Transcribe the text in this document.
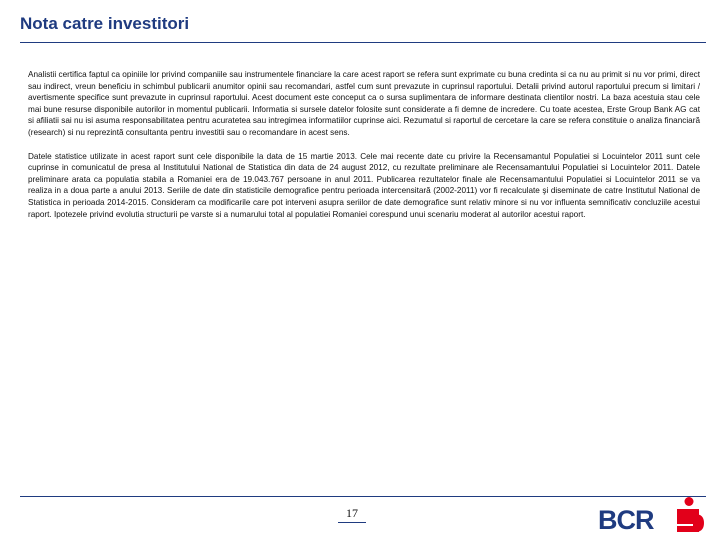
Nota catre investitori

Analistii certifica faptul ca opiniile lor privind companiile sau instrumentele financiare la care acest raport se refera sunt exprimate cu buna credinta si ca nu au primit si nu vor primi, direct sau indirect, vreun beneficiu in schimbul publicarii anumitor opinii sau recomandari, astfel cum sunt prevazute in cuprinsul raportului. Detalii privind autorul raportului precum si limitari / avertismente specifice sunt prevazute in cuprinsul raportului. Acest document este conceput ca o sursa suplimentara de informare destinata clientilor nostri. La baza acestuia stau cele mai bune resurse disponibile autorilor in momentul publicarii. Informatia si sursele datelor folosite sunt considerate a fi demne de incredere. Cu toate acestea, Erste Group Bank AG cat si afiliatii sai nu isi asuma responsabilitatea pentru acuratetea sau intregimea informatiilor cuprinse aici. Rezumatul si raportul de cercetare la care se refera constituie o analiza financiară (research) si nu reprezintă consultanta pentru investitii sau o recomandare in acest sens.

Datele statistice utilizate in acest raport sunt cele disponibile la data de 15 martie 2013. Cele mai recente date cu privire la Recensamantul Populatiei si Locuintelor 2011 sunt cele cuprinse in comunicatul de presa al Institutului National de Statistica din data de 24 august 2012, cu rezultate preliminare ale Recensamantului Populatiei si Locuintelor 2011. Datele preliminare arata ca populatia stabila a Romaniei era de 19.043.767 persoane in anul 2011. Publicarea rezultatelor finale ale Recensamantului Populatiei si Locuintelor 2011 se va realiza in a doua parte a anului 2013. Seriile de date din statisticile demografice pentru perioada intercensitară (2002-2011) vor fi recalculate şi diseminate de catre Institutul National de Statistica in perioada 2014-2015. Consideram ca modificarile care pot interveni asupra seriilor de date demografice sunt relativ minore si nu vor influenta semnificativ concluziile acestui raport. Ipotezele privind evolutia structurii pe varste si a numarului total al populatiei Romaniei corespund unui scenariu moderat al autorilor acestui raport.

17	BCR
